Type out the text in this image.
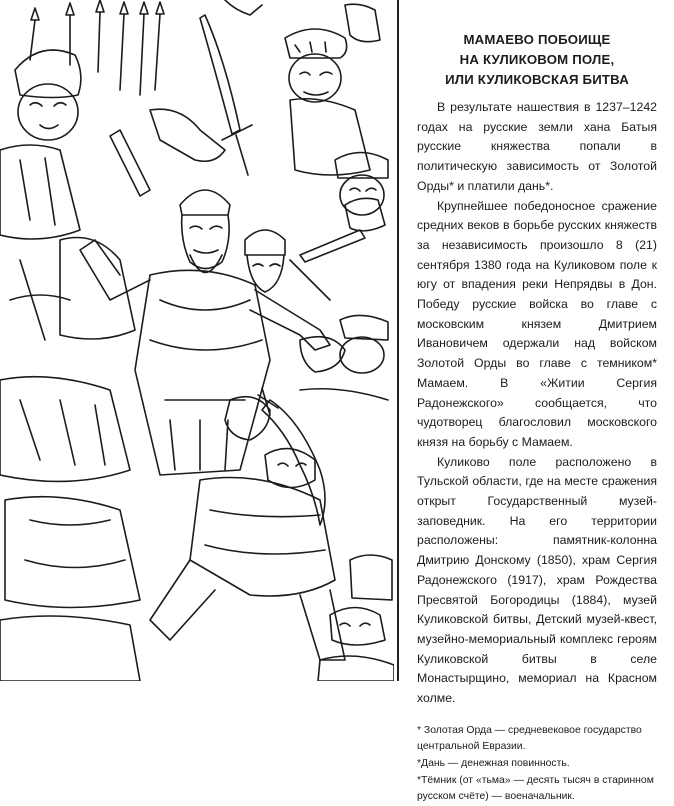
МАМАЕВО ПОБОИЩЕ
НА КУЛИКОВОМ ПОЛЕ,
ИЛИ КУЛИКОВСКАЯ БИТВА

В результате нашествия в 1237–1242 годах на русские земли хана Батыя русские княжества попали в политическую зависимость от Золотой Орды* и платили дань*.

Крупнейшее победоносное сражение средних веков в борьбе русских княжеств за независимость произошло 8 (21) сентября 1380 года на Куликовом поле к югу от впадения реки Непрядвы в Дон. Победу русские войска во главе с московским князем Дмитрием Ивановичем одержали над войском Золотой Орды во главе с темником* Мамаем. В «Житии Сергия Радонежского» сообщается, что чудотворец благословил московского князя на борьбу с Мамаем.

Куликово поле расположено в Тульской области, где на месте сражения открыт Государственный музей-заповедник. На его территории расположены: памятник-колонна Дмитрию Донскому (1850), храм Сергия Радонежского (1917), храм Рождества Пресвятой Богородицы (1884), музей Куликовской битвы, Детский музей-квест, музейно-мемориальный комплекс героям Куликовской битвы в селе Монастырщино, мемориал на Красном холме.

* Золотая Орда — средневековое государство центральной Евразии.

*Дань — денежная повинность.

*Тёмник (от «тьма» — десять тысяч в старинном русском счёте) — военачальник.
